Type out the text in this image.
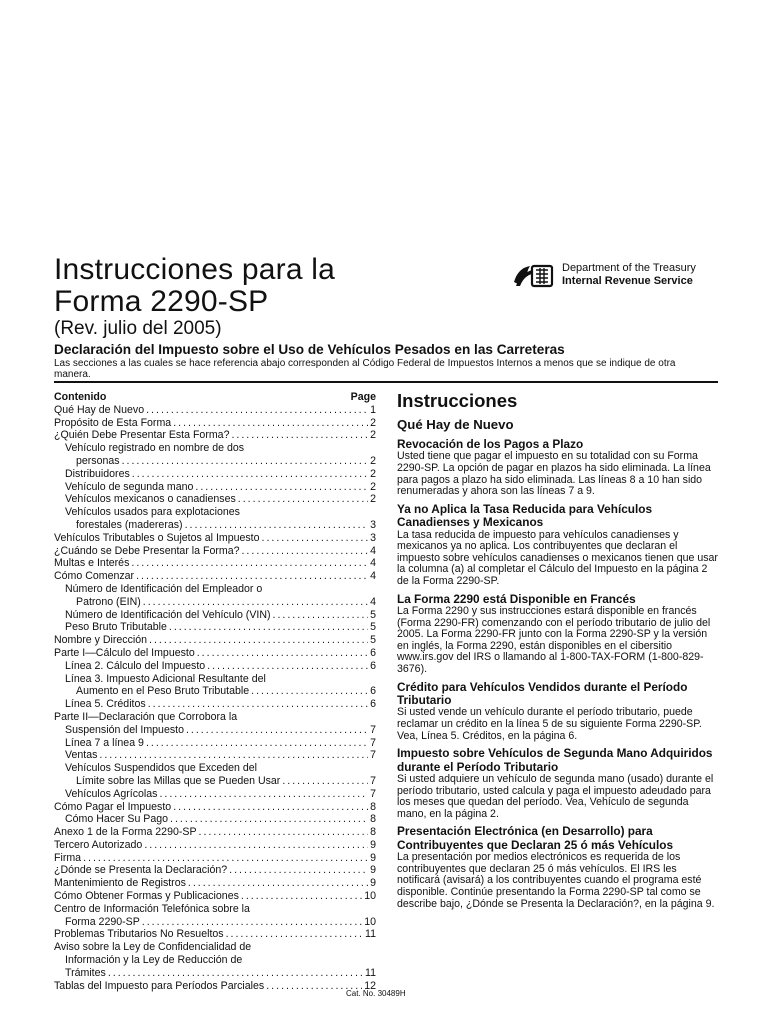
Instrucciones para la
Forma 2290-SP
(Rev. julio del 2005)
Department of the Treasury
Internal Revenue Service
Declaración del Impuesto sobre el Uso de Vehículos Pesados en las Carreteras
Las secciones a las cuales se hace referencia abajo corresponden al Código Federal de Impuestos Internos a menos que se indique de otra manera.
Contenido	Page
Qué Hay de Nuevo .....	1
Propósito de Esta Forma .....	2
¿Quién Debe Presentar Esta Forma? .....	2
Vehículo registrado en nombre de dos
personas .....	2
Distribuidores .....	2
Vehículo de segunda mano .....	2
Vehículos mexicanos o canadienses .....	2
Vehículos usados para explotaciones
forestales (madereras) .....	3
Vehículos Tributables o Sujetos al Impuesto .....	3
¿Cuándo se Debe Presentar la Forma? .....	4
Multas e Interés .....	4
Cómo Comenzar .....	4
Número de Identificación del Empleador o
Patrono (EIN) .....	4
Número de Identificación del Vehículo (VIN) .....	5
Peso Bruto Tributable .....	5
Nombre y Dirección .....	5
Parte I—Cálculo del Impuesto .....	6
Línea 2. Cálculo del Impuesto .....	6
Línea 3. Impuesto Adicional Resultante del
Aumento en el Peso Bruto Tributable .....	6
Línea 5. Créditos .....	6
Parte II—Declaración que Corrobora la
Suspensión del Impuesto .....	7
Línea 7 a línea 9 .....	7
Ventas .....	7
Vehículos Suspendidos que Exceden del
Límite sobre las Millas que se Pueden Usar .....	7
Vehículos Agrícolas .....	7
Cómo Pagar el Impuesto .....	8
Cómo Hacer Su Pago .....	8
Anexo 1 de la Forma 2290-SP .....	8
Tercero Autorizado .....	9
Firma .....	9
¿Dónde se Presenta la Declaración? .....	9
Mantenimiento de Registros .....	9
Cómo Obtener Formas y Publicaciones .....	10
Centro de Información Telefónica sobre la
Forma 2290-SP .....	10
Problemas Tributarios No Resueltos .....	11
Aviso sobre la Ley de Confidencialidad de
Información y la Ley de Reducción de
Trámites .....	11
Tablas del Impuesto para Períodos Parciales .....	12
Instrucciones
Qué Hay de Nuevo
Revocación de los Pagos a Plazo

Usted tiene que pagar el impuesto en su totalidad con su Forma 2290-SP. La opción de pagar en plazos ha sido eliminada. La línea para pagos a plazo ha sido eliminada. Las líneas 8 a 10 han sido renumeradas y ahora son las líneas 7 a 9.

Ya no Aplica la Tasa Reducida para Vehículos Canadienses y Mexicanos

La tasa reducida de impuesto para vehículos canadienses y mexicanos ya no aplica. Los contribuyentes que declaran el impuesto sobre vehículos canadienses o mexicanos tienen que usar la columna (a) al completar el Cálculo del Impuesto en la página 2 de la Forma 2290-SP.

La Forma 2290 está Disponible en Francés

La Forma 2290 y sus instrucciones estará disponible en francés (Forma 2290-FR) comenzando con el período tributario de julio del 2005. La Forma 2290-FR junto con la Forma 2290-SP y la versión en inglés, la Forma 2290, están disponibles en el cibersitio www.irs.gov del IRS o llamando al 1-800-TAX-FORM (1-800-829-3676).

Crédito para Vehículos Vendidos durante el Período Tributario

Si usted vende un vehículo durante el período tributario, puede reclamar un crédito en la línea 5 de su siguiente Forma 2290-SP. Vea, Línea 5. Créditos, en la página 6.

Impuesto sobre Vehículos de Segunda Mano Adquiridos durante el Período Tributario

Si usted adquiere un vehículo de segunda mano (usado) durante el período tributario, usted calcula y paga el impuesto adeudado para los meses que quedan del período. Vea, Vehículo de segunda mano, en la página 2.

Presentación Electrónica (en Desarrollo) para Contribuyentes que Declaran 25 ó más Vehículos

La presentación por medios electrónicos es requerida de los contribuyentes que declaran 25 ó más vehículos. El IRS les notificará (avisará) a los contribuyentes cuando el programa esté disponible. Continúe presentando la Forma 2290-SP tal como se describe bajo, ¿Dónde se Presenta la Declaración?, en la página 9.

Cat. No. 30489H
